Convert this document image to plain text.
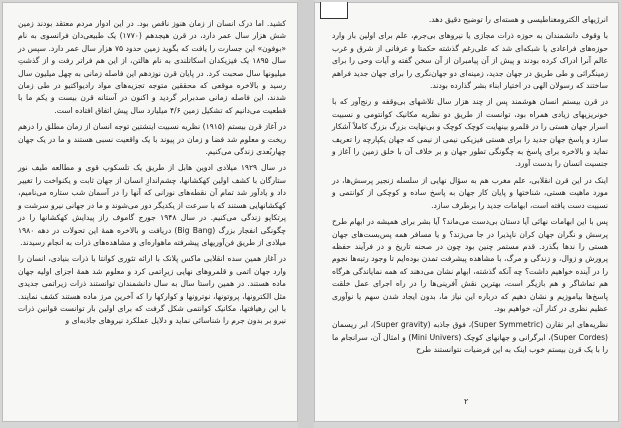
کشید. اما درک انسان از زمان هنوز ناقص بود. در این ادوار مردم معتقد بودند زمین شش هزار سال عمر دارد، در قرن هیجدهم (۱۷۷۰) یک طبیعی‌دان فرانسوی به نام «بوفون» این جسارت را یافت که بگوید زمین حدود ۷۵ هزار سال عمر دارد. سپس در سال ۱۸۹۵ یک فیزیکدان اسکاتلندی به نام هالتن، از این هم فراتر رفت و از گذشتِ میلیونها سال صحبت کرد. در پایان قرن نوزدهم این فاصله زمانی به چهل میلیون سال رسید و بالاخره موقعی که محققین متوجه تجزیه‌های مواد رادیواکتیو در طی زمان شدند، این فاصله زمانی صدبرابر گردید و اکنون در آستانه قرن بیست و یکم ما با قطعیت می‌دانیم که تشکیل زمین ۴/۶ میلیارد سال پیش اتفاق افتاده است.

در آغاز قرن بیستم (۱۹۱۵) نظریه نسبیت اینشتین توجه انسان از زمان مطلق را درهم ریخت و معلوم شد فضا و زمان در پیوند با یک واقعیت نسبی هستند و ما در یک جهان چهاربُعدی زندگی می‌کنیم.

در سال ۱۹۲۹ میلادی ادوین هابل از طریق یک تلسکوپ قوی و مطالعه طیف نور ستارگان با کشف اولین کهکشانها، چشم‌اندازِ انسان از جهان ثابت و یکنواخت را تغییر داد و یادآور شد تمام آن نقطه‌های نورانی که آنها را در آسمان شب ستاره می‌نامیم، کهکشانهایی هستند که با سرعت از یکدیگر دور می‌شوند و ما در جهانی نیرو سرشت و پرتکاپو زندگی می‌کنیم. در سال ۱۹۴۸ جورج گاموف راز پیدایش کهکشانها را در چگونگی انفجار بزرگ (Big Bang) دریافت و بالاخره همهٔ این تحولات در دهه ۱۹۸۰ میلادی از طریق فن‌آوریهای پیشرفته ماهواره‌ای و مشاهده‌های ذرات به انجام رسیدند.

در آغاز همین سده انقلابی ماکس پلانک با ارائه تئوری کوانتا با ذرات بنیادی، انسان را وارد جهان اتمی و قلمروهای نهایی زیرِاتمی کرد و معلوم شد همهٔ اجزای اولیه جهان ماده هستند. در همین راستا سال به سال دانشمندان توانستند ذرات زیراتمی جدیدی مثل الکترونها، پروتونها، نوترونها و کوارکها را که آخرین مرز ماده هستند کشف نمایند. با این رهیافتها، مکانیک کوانتمی شکل گرفت که برای اولین بار توانست قوانین ذرات نیرو بر بدون جرم را شناسائی نماید و دلایل عملکرد نیروهای جاذبه‌ای و

انرژیهای الکترومغناطیسی و هسته‌ای را توضیح دقیق دهد.

با وقوف دانشمندان به حوزه ذرات مجازی یا نیروهای بی‌جرم، علم برای اولین بار وارد حوزه‌های فراعادی یا شبکه‌ای شد که علی‌رغم گذشته حکمتا و عرفانی از شرق و غرب عالم آنرا ادراک کرده بودند و پیش از آن پیامبران از آن سخن گفته و آیات وحی را برای زمینگرائی و طی طریق در جهان جدید، زمینه‌ای دو جهان‌نگری را برای جهان جدید فراهم ساختند که رسولان الهی در اختیار ابناء بشر گذارده بودند.

در قرن بیستم انسان هوشمند پس از چند هزار سال تلاشهای بی‌وقفه و رنج‌آور که با خونریزیهای زیادی همراه بود، توانست از طریق دو نظریه مکانیک کوانتومی و نسبیت اسرار جهان هستی را در قلمرو بینهایت کوچک کوچک و بی‌نهایت بزرگ بزرگ کاملاً آشکار سازد و پاسخ جهان جدید را برای هستی فیزیکی نیمی از نیمی که جهان یکپارچه را تعریف نماید و بالاخره برای پاسخ به چگونگی تطور جهان و بر خلاف آن با خلق زمین را آغاز و جنسیت انسان را بدست آورد.

اینک در این قرن انقلابی، علم مغرب هم به سؤال نهایی از سلسله زنجیر پرسش‌ها، در مورد ماهیت هستی، شناختها و پایان کار جهان به پاسخ ساده و کوچکی از کوانتمی و نسبیت دست یافته است، ابهامات جدید را برطرف سازد.

پس با این ابهامات نهائی آیا دستان بی‌دست می‌ماند؟ آیا بشر برای همیشه در ابهام طرح پرسش و نگران جهان کران ناپذیرا در جا می‌زند؟ و یا مسافر همه پس‌بست‌های جهان هستی را ندها بگذرد. قدم مستمر چنین بود چون در صحنه تاریخ و در فرآیند حفظه پرورش و زوال، و زندگی و مرگ، با مشاهده پیشرفت تمدن بوده‌ایم تا وجود رتبه‌ها نجوم را در آینده خواهیم داشت؟ چه آنکه گذشته، ابهام نشان می‌دهند که همه نمایاندگی هرگاه هم تماشاگر و هم بازیگر است، بهترین نقش آفرینی‌ها را در راه اجرای عمل خلقت پاسخ‌ها بیاموزیم و نشان دهیم که درباره این نیاز ما، بدون ایجاد شدن سهم یا نوآوری عظیم نظری در کنار آن، خواهیم بود.

نظریه‌های ابر تقارن (Super Symmetric)، فوق جاذبه (Super gravity)، ابر ریسمان (Super Cordes)، ابرگرانی و جهانهای کوچک (Mini Univers) و امثال آن، سرانجام ما را با یک قرن بیستم خوب اینک به این فرضیات نتوانستند طرح

۲
